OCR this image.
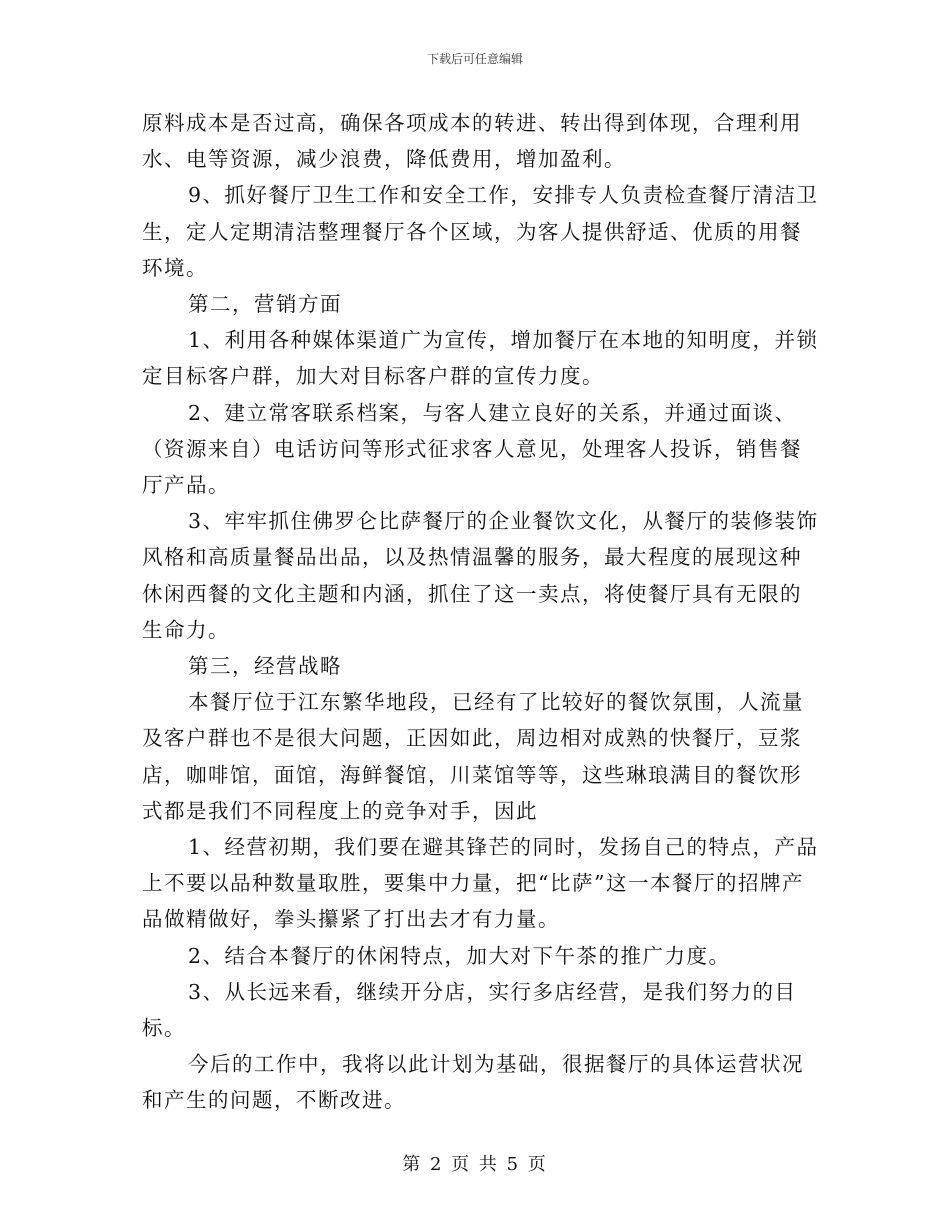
下载后可任意编辑

原料成本是否过高，确保各项成本的转进、转出得到体现，合理利用水、电等资源，减少浪费，降低费用，增加盈利。

9、抓好餐厅卫生工作和安全工作，安排专人负责检查餐厅清洁卫生，定人定期清洁整理餐厅各个区域，为客人提供舒适、优质的用餐环境。

第二，营销方面

1、利用各种媒体渠道广为宣传，增加餐厅在本地的知明度，并锁定目标客户群，加大对目标客户群的宣传力度。

2、建立常客联系档案，与客人建立良好的关系，并通过面谈、（资源来自）电话访问等形式征求客人意见，处理客人投诉，销售餐厅产品。

3、牢牢抓住佛罗仑比萨餐厅的企业餐饮文化，从餐厅的装修装饰风格和高质量餐品出品，以及热情温馨的服务，最大程度的展现这种休闲西餐的文化主题和内涵，抓住了这一卖点，将使餐厅具有无限的生命力。

第三，经营战略

本餐厅位于江东繁华地段，已经有了比较好的餐饮氛围，人流量及客户群也不是很大问题，正因如此，周边相对成熟的快餐厅，豆浆店，咖啡馆，面馆，海鲜餐馆，川菜馆等等，这些琳琅满目的餐饮形式都是我们不同程度上的竞争对手，因此

1、经营初期，我们要在避其锋芒的同时，发扬自己的特点，产品上不要以品种数量取胜，要集中力量，把“比萨”这一本餐厅的招牌产品做精做好，拳头攥紧了打出去才有力量。

2、结合本餐厅的休闲特点，加大对下午茶的推广力度。

3、从长远来看，继续开分店，实行多店经营，是我们努力的目标。

今后的工作中，我将以此计划为基础，很据餐厅的具体运营状况和产生的问题，不断改进。

第 2 页 共 5 页
